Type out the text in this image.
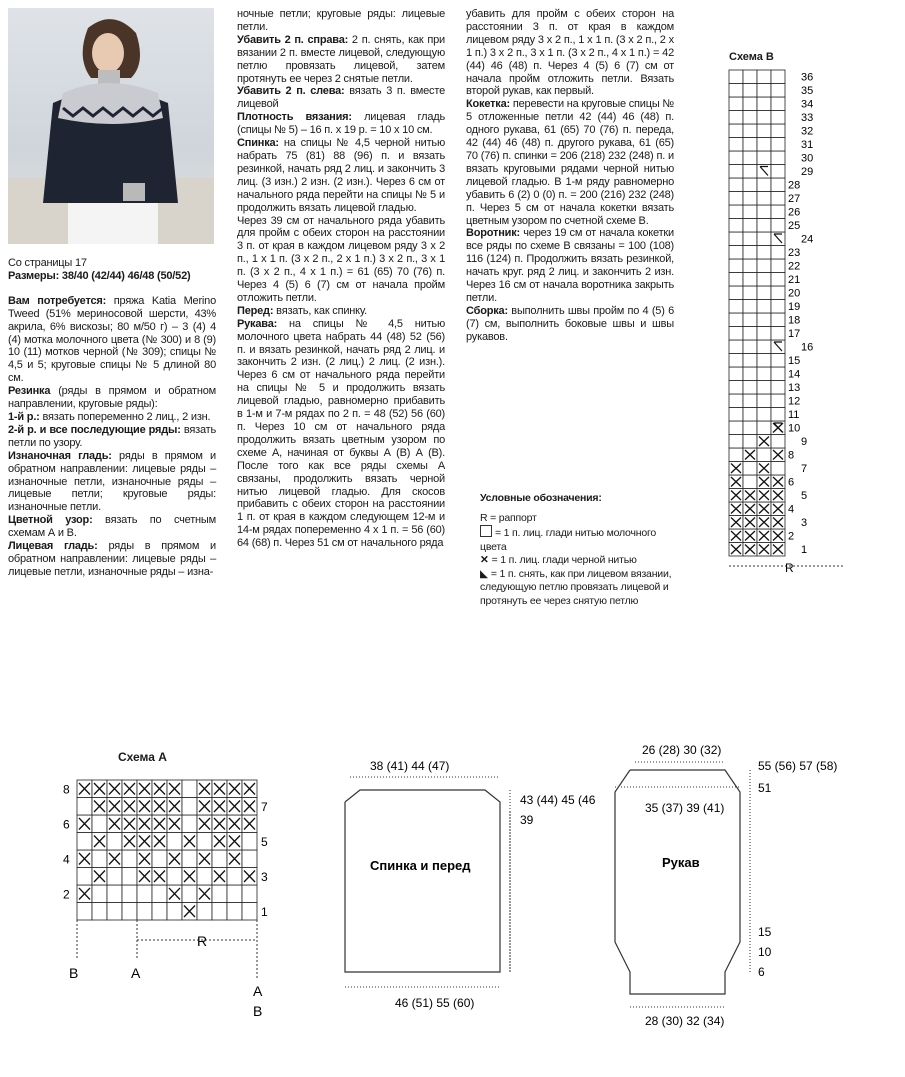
Со страницы 17

Размеры: 38/40 (42/44) 46/48 (50/52)

Вам потребуется: пряжа Katia Merino Tweed (51% мериносовой шерсти, 43% акрила, 6% вискозы; 80 м/50 г) – 3 (4) 4 (4) мотка молочного цвета (№ 300) и 8 (9) 10 (11) мотков черной (№ 309); спицы № 4,5 и 5; круговые спицы № 5 длиной 80 см.

Резинка (ряды в прямом и обратном направлении, круговые ряды):

1-й р.: вязать попеременно 2 лиц., 2 изн.

2-й р. и все последующие ряды: вязать петли по узору.

Изнаночная гладь: ряды в прямом и обратном направлении: лицевые ряды – изнаночные петли, изнаночные ряды – лицевые петли; круговые ряды: изнаночные петли.

Цветной узор: вязать по счетным схемам А и В.

Лицевая гладь: ряды в прямом и обратном направлении: лицевые ряды – лицевые петли, изнаночные ряды – изна-

ночные петли; круговые ряды: лицевые петли.

Убавить 2 п. справа: 2 п. снять, как при вязании 2 п. вместе лицевой, следующую петлю провязать лицевой, затем протянуть ее через 2 снятые петли.

Убавить 2 п. слева: вязать 3 п. вместе лицевой

Плотность вязания: лицевая гладь (спицы № 5) – 16 п. x 19 р. = 10 x 10 см.

Спинка: на спицы № 4,5 черной нитью набрать 75 (81) 88 (96) п. и вязать резинкой, начать ряд 2 лиц. и закончить 3 лиц. (3 изн.) 2 изн. (2 изн.). Через 6 см от начального ряда перейти на спицы № 5 и продолжить вязать лицевой гладью.

Через 39 см от начального ряда убавить для пройм с обеих сторон на расстоянии 3 п. от края в каждом лицевом ряду 3 x 2 п., 1 x 1 п. (3 x 2 п., 2 x 1 п.) 3 x 2 п., 3 x 1 п. (3 x 2 п., 4 x 1 п.) = 61 (65) 70 (76) п. Через 4 (5) 6 (7) см от начала пройм отложить петли.

Перед: вязать, как спинку.

Рукава: на спицы № 4,5 нитью молочного цвета набрать 44 (48) 52 (56) п. и вязать резинкой, начать ряд 2 лиц. и закончить 2 изн. (2 лиц.) 2 лиц. (2 изн.). Через 6 см от начального ряда перейти на спицы № 5 и продолжить вязать лицевой гладью, равномерно прибавить в 1-м и 7-м рядах по 2 п. = 48 (52) 56 (60) п. Через 10 см от начального ряда продолжить вязать цветным узором по схеме А, начиная от буквы А (В) А (В). После того как все ряды схемы А связаны, продолжить вязать черной нитью лицевой гладью. Для скосов прибавить с обеих сторон на расстоянии 1 п. от края в каждом следующем 12-м и 14-м рядах попеременно 4 x 1 п. = 56 (60) 64 (68) п. Через 51 см от начального ряда

убавить для пройм с обеих сторон на расстоянии 3 п. от края в каждом лицевом ряду 3 x 2 п., 1 x 1 п. (3 x 2 п., 2 x 1 п.) 3 x 2 п., 3 x 1 п. (3 x 2 п., 4 x 1 п.) = 42 (44) 46 (48) п. Через 4 (5) 6 (7) см от начала пройм отложить петли. Вязать второй рукав, как первый.

Кокетка: перевести на круговые спицы № 5 отложенные петли 42 (44) 46 (48) п. одного рукава, 61 (65) 70 (76) п. переда, 42 (44) 46 (48) п. другого рукава, 61 (65) 70 (76) п. спинки = 206 (218) 232 (248) п. и вязать круговыми рядами черной нитью лицевой гладью. В 1-м ряду равномерно убавить 6 (2) 0 (0) п. = 200 (216) 232 (248) п. Через 5 см от начала кокетки вязать цветным узором по счетной схеме В.

Воротник: через 19 см от начала кокетки все ряды по схеме В связаны = 100 (108) 116 (124) п. Продолжить вязать резинкой, начать круг. ряд 2 лиц. и закончить 2 изн. Через 16 см от начала воротника закрыть петли.

Сборка: выполнить швы пройм по 4 (5) 6 (7) см, выполнить боковые швы и швы рукавов.

Условные обозначения:

R = раппорт

= 1 п. лиц. глади нитью молочного цвета

✕ = 1 п. лиц. глади черной нитью

◣ = 1 п. снять, как при лицевом вязании, следующую петлю провязать лицевой и протянуть ее через снятую петлю

Схема В
1
2
3
4
5
6
7
8
9
10
11
12
13
14
15
16
17
18
19
20
21
22
23
24
25
26
27
28
29
30
31
32
33
34
35
36
R
Схема А
1
2
3
4
5
6
7
8
R
B	A
A
B
38 (41) 44 (47)
46 (51) 55 (60)
43 (44) 45 (46
39
Спинка и перед
26 (28) 30 (32)
35 (37) 39 (41)
28 (30) 32 (34)
55 (56) 57 (58)
51
15
10
6
Рукав
